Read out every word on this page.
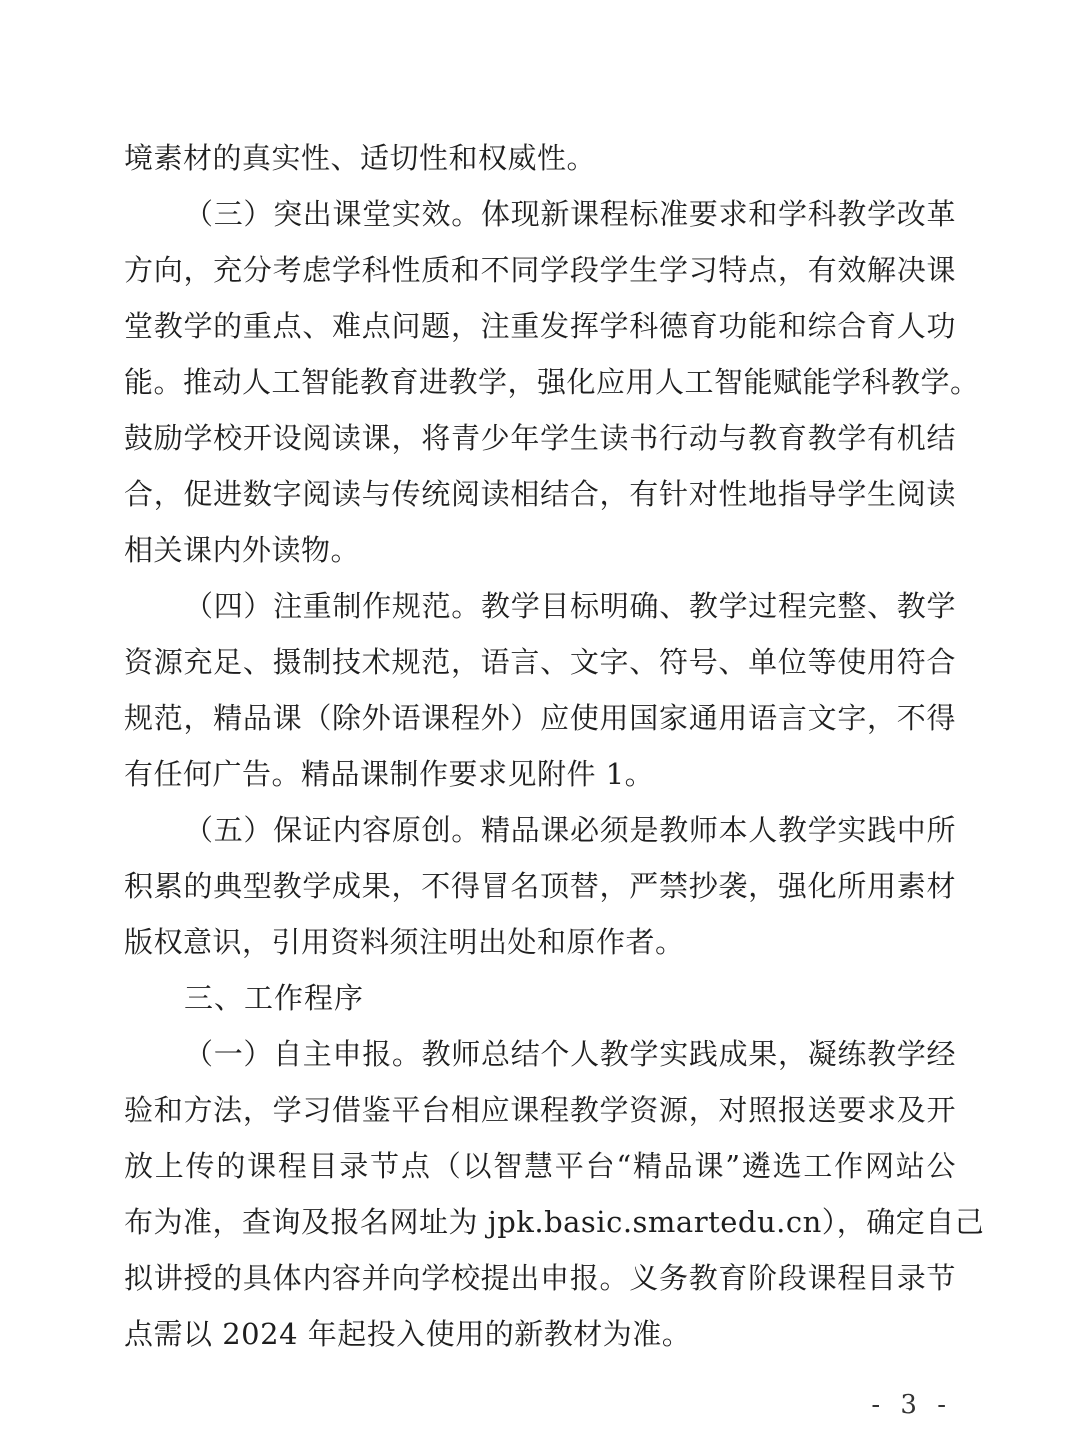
境素材的真实性、适切性和权威性。
（三）突出课堂实效。体现新课程标准要求和学科教学改革
方向，充分考虑学科性质和不同学段学生学习特点，有效解决课
堂教学的重点、难点问题，注重发挥学科德育功能和综合育人功
能。推动人工智能教育进教学，强化应用人工智能赋能学科教学。
鼓励学校开设阅读课，将青少年学生读书行动与教育教学有机结
合，促进数字阅读与传统阅读相结合，有针对性地指导学生阅读
相关课内外读物。
（四）注重制作规范。教学目标明确、教学过程完整、教学
资源充足、摄制技术规范，语言、文字、符号、单位等使用符合
规范，精品课（除外语课程外）应使用国家通用语言文字，不得
有任何广告。精品课制作要求见附件 1。
（五）保证内容原创。精品课必须是教师本人教学实践中所
积累的典型教学成果，不得冒名顶替，严禁抄袭，强化所用素材
版权意识，引用资料须注明出处和原作者。
三、工作程序
（一）自主申报。教师总结个人教学实践成果，凝练教学经
验和方法，学习借鉴平台相应课程教学资源，对照报送要求及开
放上传的课程目录节点（以智慧平台“精品课”遴选工作网站公
布为准，查询及报名网址为 jpk.basic.smartedu.cn），确定自己
拟讲授的具体内容并向学校提出申报。义务教育阶段课程目录节
点需以 2024 年起投入使用的新教材为准。
- 3 -
